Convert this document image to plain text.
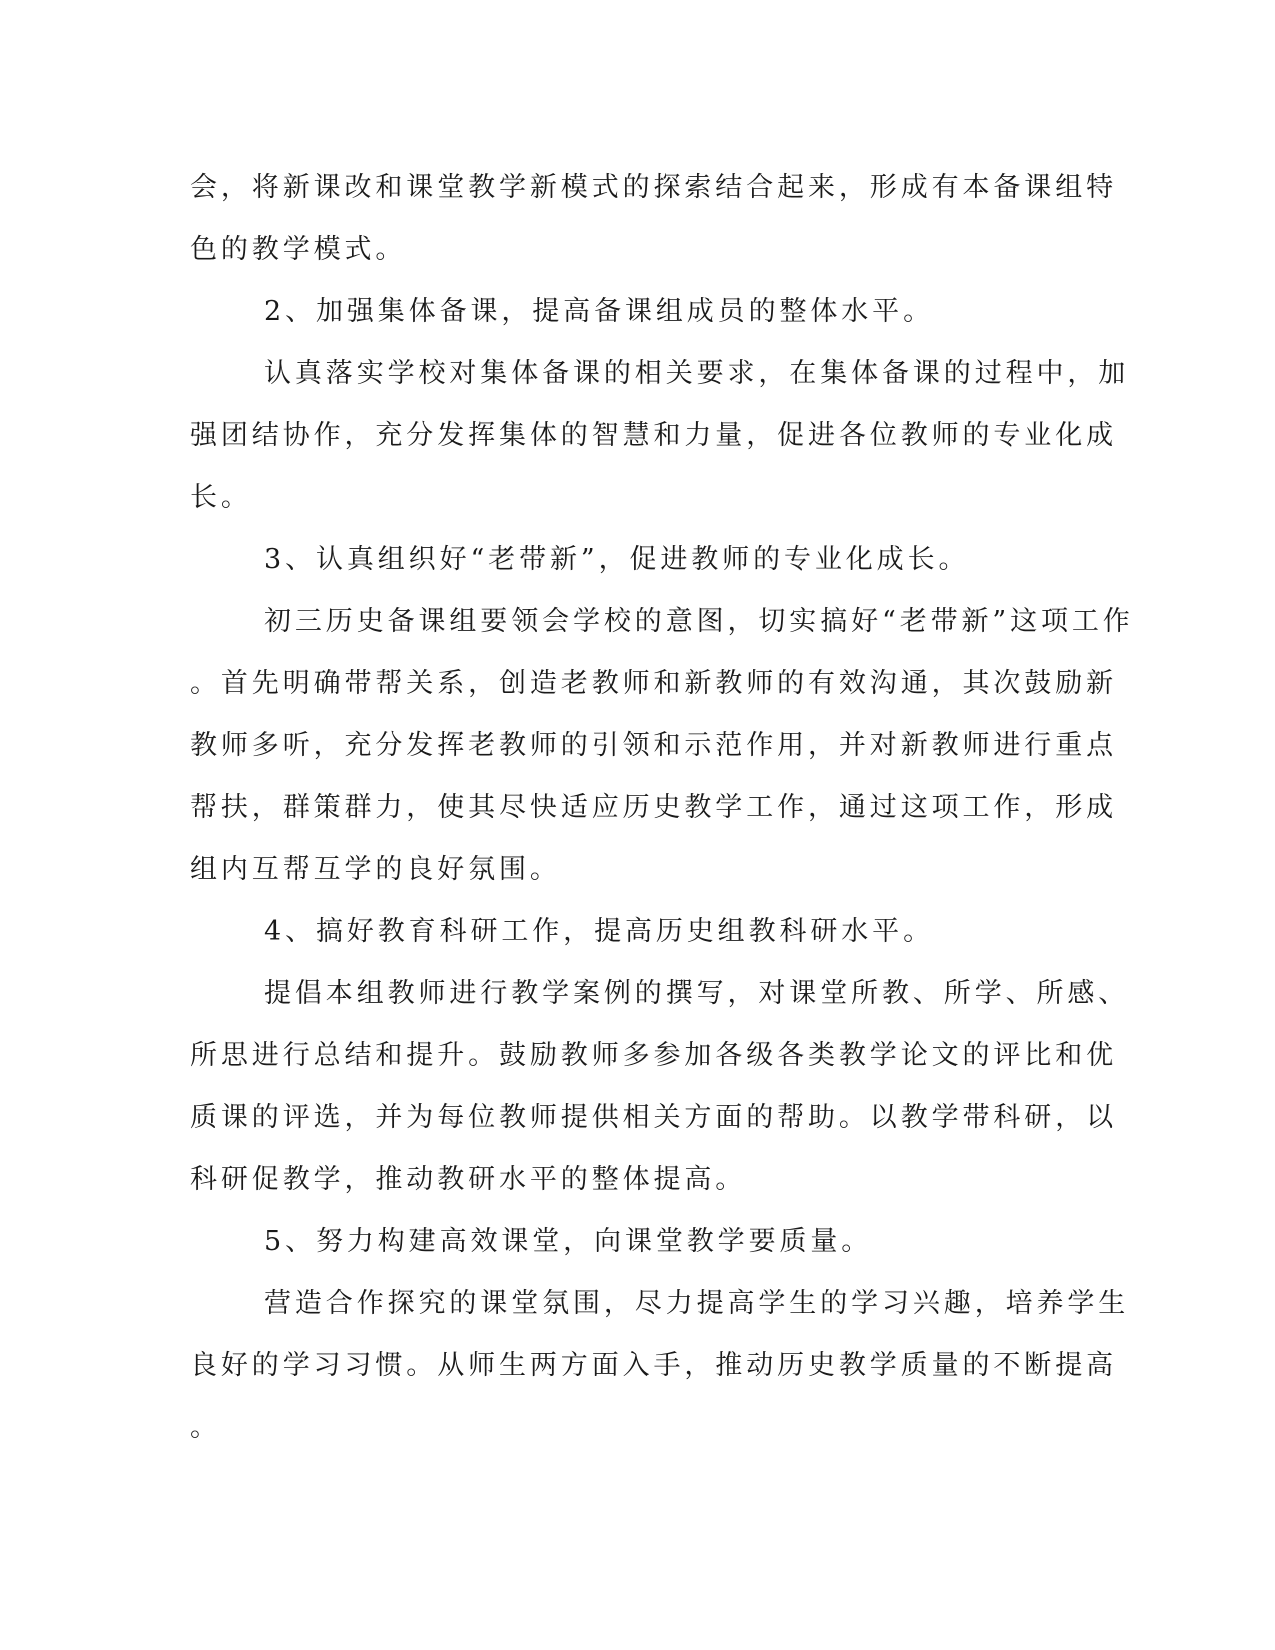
会，将新课改和课堂教学新模式的探索结合起来，形成有本备课组特

色的教学模式。

2、加强集体备课，提高备课组成员的整体水平。

认真落实学校对集体备课的相关要求，在集体备课的过程中，加

强团结协作，充分发挥集体的智慧和力量，促进各位教师的专业化成

长。

3、认真组织好“老带新”，促进教师的专业化成长。

初三历史备课组要领会学校的意图，切实搞好“老带新”这项工作

。首先明确带帮关系，创造老教师和新教师的有效沟通，其次鼓励新

教师多听，充分发挥老教师的引领和示范作用，并对新教师进行重点

帮扶，群策群力，使其尽快适应历史教学工作，通过这项工作，形成

组内互帮互学的良好氛围。

4、搞好教育科研工作，提高历史组教科研水平。

提倡本组教师进行教学案例的撰写，对课堂所教、所学、所感、

所思进行总结和提升。鼓励教师多参加各级各类教学论文的评比和优

质课的评选，并为每位教师提供相关方面的帮助。以教学带科研，以

科研促教学，推动教研水平的整体提高。

5、努力构建高效课堂，向课堂教学要质量。

营造合作探究的课堂氛围，尽力提高学生的学习兴趣，培养学生

良好的学习习惯。从师生两方面入手，推动历史教学质量的不断提高

。
